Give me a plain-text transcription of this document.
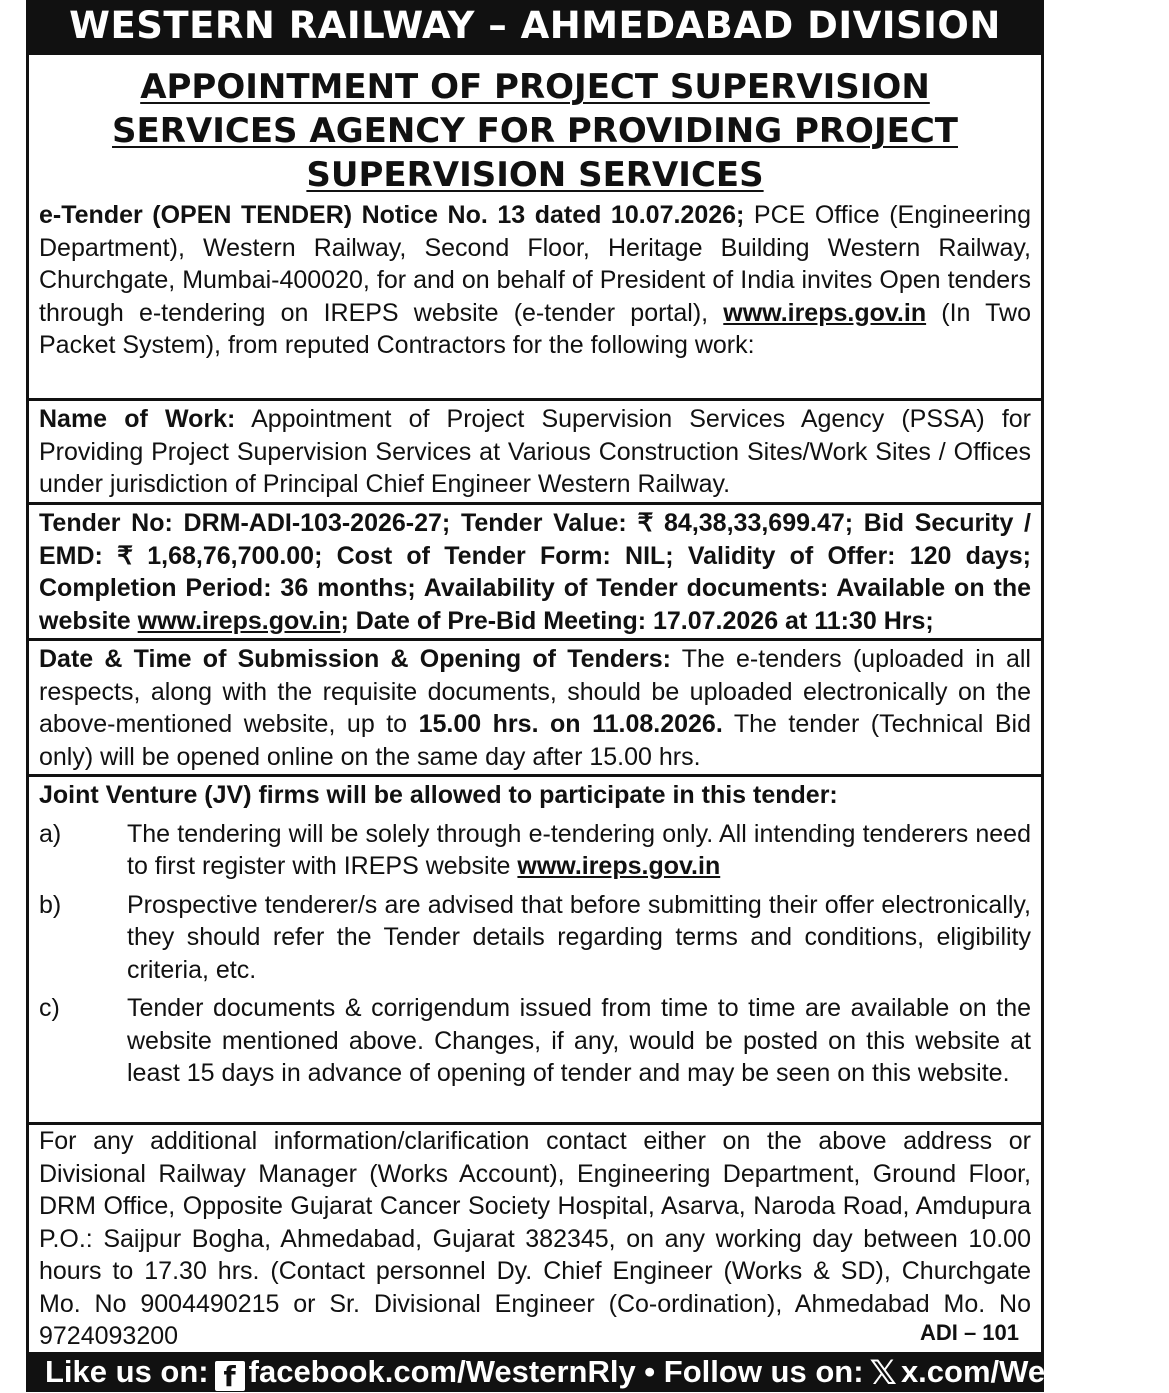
WESTERN RAILWAY – AHMEDABAD DIVISION
APPOINTMENT OF PROJECT SUPERVISION
SERVICES AGENCY FOR PROVIDING PROJECT
SUPERVISION SERVICES

e-Tender (OPEN TENDER) Notice No. 13 dated 10.07.2026; PCE Office (Engineering Department), Western Railway, Second Floor, Heritage Building Western Railway, Churchgate, Mumbai-400020, for and on behalf of President of India invites Open tenders through e-tendering on IREPS website (e-tender portal), www.ireps.gov.in (In Two Packet System), from reputed Contractors for the following work:

Name of Work: Appointment of Project Supervision Services Agency (PSSA) for Providing Project Supervision Services at Various Construction Sites/Work Sites / Offices under jurisdiction of Principal Chief Engineer Western Railway.

Tender No: DRM-ADI-103-2026-27; Tender Value: ₹ 84,38,33,699.47; Bid Security / EMD: ₹ 1,68,76,700.00; Cost of Tender Form: NIL; Validity of Offer: 120 days; Completion Period: 36 months; Availability of Tender documents: Available on the website www.ireps.gov.in; Date of Pre-Bid Meeting: 17.07.2026 at 11:30 Hrs;

Date & Time of Submission & Opening of Tenders: The e-tenders (uploaded in all respects, along with the requisite documents, should be uploaded electronically on the above-mentioned website, up to 15.00 hrs. on 11.08.2026. The tender (Technical Bid only) will be opened online on the same day after 15.00 hrs.

Joint Venture (JV) firms will be allowed to participate in this tender:

a)	The tendering will be solely through e-tendering only. All intending tenderers need to first register with IREPS website www.ireps.gov.in

b)	Prospective tenderer/s are advised that before submitting their offer electronically, they should refer the Tender details regarding terms and conditions, eligibility criteria, etc.

c)	Tender documents & corrigendum issued from time to time are available on the website mentioned above. Changes, if any, would be posted on this website at least 15 days in advance of opening of tender and may be seen on this website.

For any additional information/clarification contact either on the above address or Divisional Railway Manager (Works Account), Engineering Department, Ground Floor, DRM Office, Opposite Gujarat Cancer Society Hospital, Asarva, Naroda Road, Amdupura P.O.: Saijpur Bogha, Ahmedabad, Gujarat 382345, on any working day between 10.00 hours to 17.30 hrs. (Contact personnel Dy. Chief Engineer (Works & SD), Churchgate Mo. No 9004490215 or Sr. Divisional Engineer (Co-ordination), Ahmedabad Mo. No 9724093200	ADI – 101
Like us on: f facebook.com/WesternRly • Follow us on: 𝕏 x.com/WesternRly
